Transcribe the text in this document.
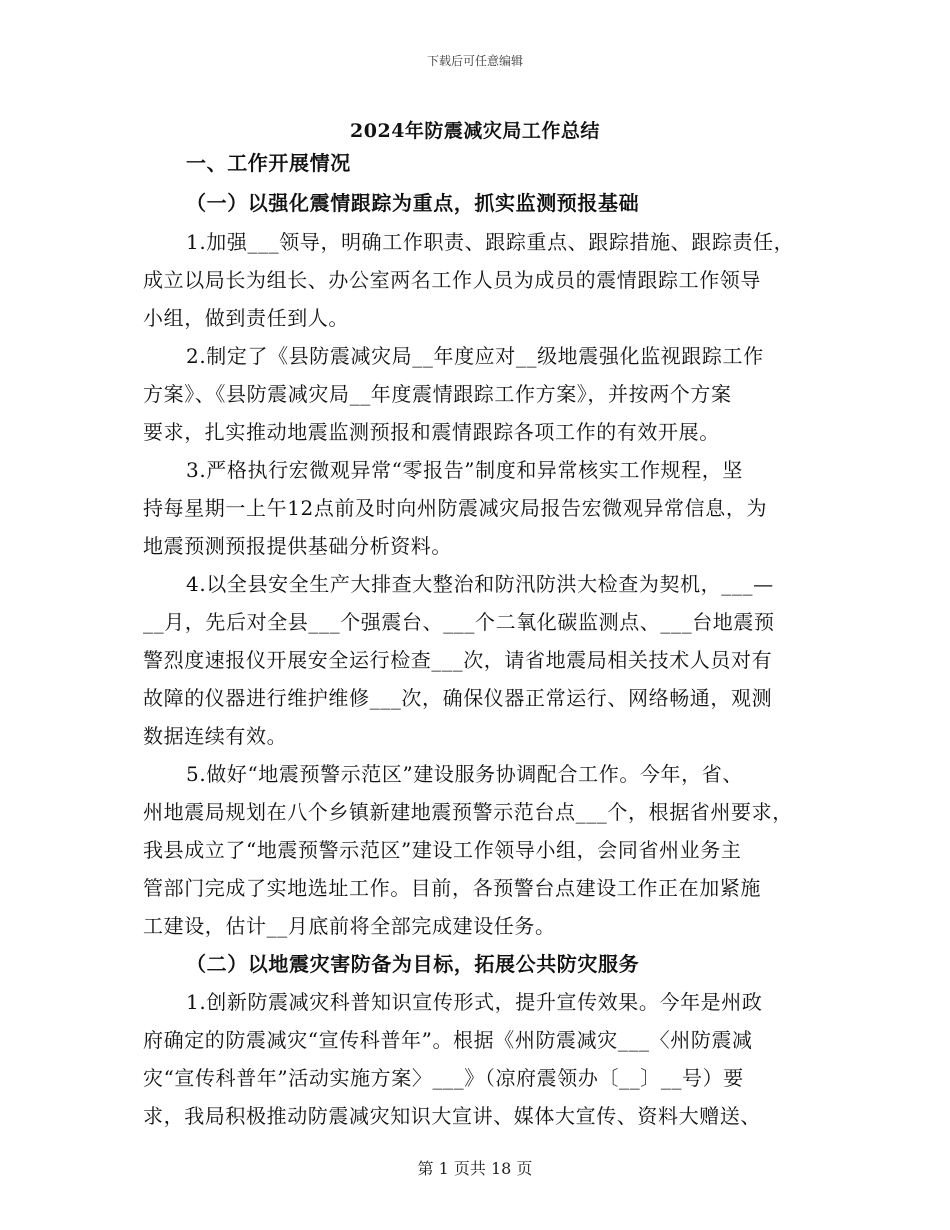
下载后可任意编辑
2024年防震减灾局工作总结
一、工作开展情况
（一）以强化震情跟踪为重点，抓实监测预报基础
1.加强___领导，明确工作职责、跟踪重点、跟踪措施、跟踪责任，
成立以局长为组长、办公室两名工作人员为成员的震情跟踪工作领导
小组，做到责任到人。
2.制定了《县防震减灾局__年度应对__级地震强化监视跟踪工作
方案》、《县防震减灾局__年度震情跟踪工作方案》，并按两个方案
要求，扎实推动地震监测预报和震情跟踪各项工作的有效开展。
3.严格执行宏微观异常“零报告”制度和异常核实工作规程，坚
持每星期一上午12点前及时向州防震减灾局报告宏微观异常信息，为
地震预测预报提供基础分析资料。
4.以全县安全生产大排查大整治和防汛防洪大检查为契机，___—
__月，先后对全县___个强震台、___个二氧化碳监测点、___台地震预
警烈度速报仪开展安全运行检查___次，请省地震局相关技术人员对有
故障的仪器进行维护维修___次，确保仪器正常运行、网络畅通，观测
数据连续有效。
5.做好“地震预警示范区”建设服务协调配合工作。今年，省、
州地震局规划在八个乡镇新建地震预警示范台点___个，根据省州要求，
我县成立了“地震预警示范区”建设工作领导小组，会同省州业务主
管部门完成了实地选址工作。目前，各预警台点建设工作正在加紧施
工建设，估计__月底前将全部完成建设任务。
（二）以地震灾害防备为目标，拓展公共防灾服务
1.创新防震减灾科普知识宣传形式，提升宣传效果。今年是州政
府确定的防震减灾“宣传科普年”。根据《州防震减灾___〈州防震减
灾“宣传科普年”活动实施方案〉___》（凉府震领办〔__〕__号）要
求，我局积极推动防震减灾知识大宣讲、媒体大宣传、资料大赠送、
第 1 页共 18 页
